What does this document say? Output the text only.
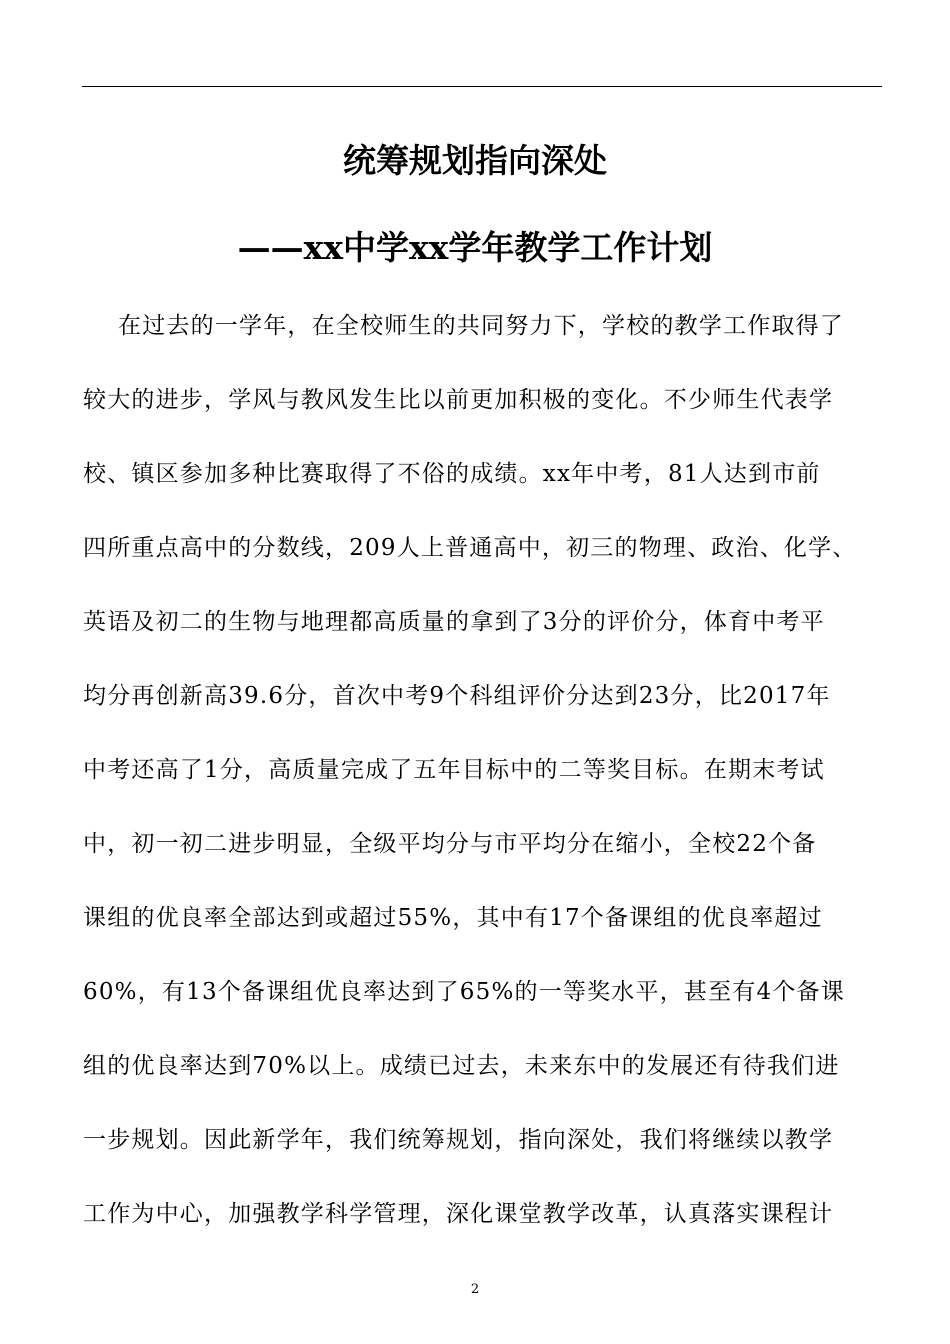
统筹规划指向深处
——xx中学xx学年教学工作计划
在过去的一学年，在全校师生的共同努力下，学校的教学工作取得了
较大的进步，学风与教风发生比以前更加积极的变化。不少师生代表学
校、镇区参加多种比赛取得了不俗的成绩。xx年中考，81人达到市前
四所重点高中的分数线，209人上普通高中，初三的物理、政治、化学、
英语及初二的生物与地理都高质量的拿到了3分的评价分，体育中考平
均分再创新高39.6分，首次中考9个科组评价分达到23分，比2017年
中考还高了1分，高质量完成了五年目标中的二等奖目标。在期末考试
中，初一初二进步明显，全级平均分与市平均分在缩小，全校22个备
课组的优良率全部达到或超过55%，其中有17个备课组的优良率超过
60%，有13个备课组优良率达到了65%的一等奖水平，甚至有4个备课
组的优良率达到70%以上。成绩已过去，未来东中的发展还有待我们进
一步规划。因此新学年，我们统筹规划，指向深处，我们将继续以教学
工作为中心，加强教学科学管理，深化课堂教学改革，认真落实课程计
2
